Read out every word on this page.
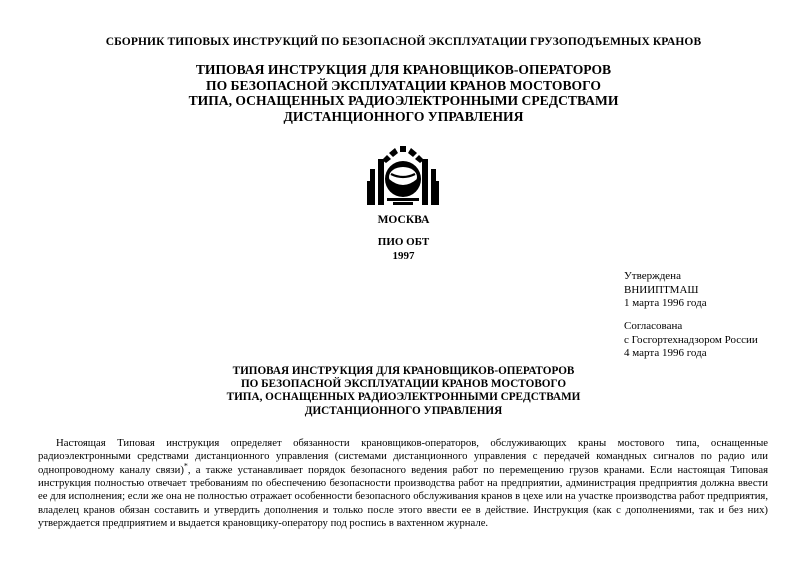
СБОРНИК ТИПОВЫХ ИНСТРУКЦИЙ ПО БЕЗОПАСНОЙ ЭКСПЛУАТАЦИИ ГРУЗОПОДЪЕМНЫХ КРАНОВ
ТИПОВАЯ ИНСТРУКЦИЯ ДЛЯ КРАНОВЩИКОВ-ОПЕРАТОРОВ
ПО БЕЗОПАСНОЙ ЭКСПЛУАТАЦИИ КРАНОВ МОСТОВОГО
ТИПА, ОСНАЩЕННЫХ РАДИОЭЛЕКТРОННЫМИ СРЕДСТВАМИ
ДИСТАНЦИОННОГО УПРАВЛЕНИЯ
МОСКВА
ПИО ОБТ
1997
Утверждена
ВНИИПТМАШ
1 марта 1996 года
Согласована
с Госгортехнадзором России
4 марта 1996 года
ТИПОВАЯ ИНСТРУКЦИЯ ДЛЯ КРАНОВЩИКОВ-ОПЕРАТОРОВ
ПО БЕЗОПАСНОЙ ЭКСПЛУАТАЦИИ КРАНОВ МОСТОВОГО
ТИПА, ОСНАЩЕННЫХ РАДИОЭЛЕКТРОННЫМИ СРЕДСТВАМИ
ДИСТАНЦИОННОГО УПРАВЛЕНИЯ

Настоящая Типовая инструкция определяет обязанности крановщиков-операторов, обслуживающих краны мостового типа, оснащенные радиоэлектронными средствами дистанционного управления (системами дистанционного управления с передачей командных сигналов по радио или однопроводному каналу связи)*, а также устанавливает порядок безопасного ведения работ по перемещению грузов кранами. Если настоящая Типовая инструкция полностью отвечает требованиям по обеспечению безопасности производства работ на предприятии, администрация предприятия должна ввести ее для исполнения; если же она не полностью отражает особенности безопасного обслуживания кранов в цехе или на участке производства работ предприятия, владелец кранов обязан составить и утвердить дополнения и только после этого ввести ее в действие. Инструкция (как с дополнениями, так и без них) утверждается предприятием и выдается крановщику-оператору под роспись в вахтенном журнале.
